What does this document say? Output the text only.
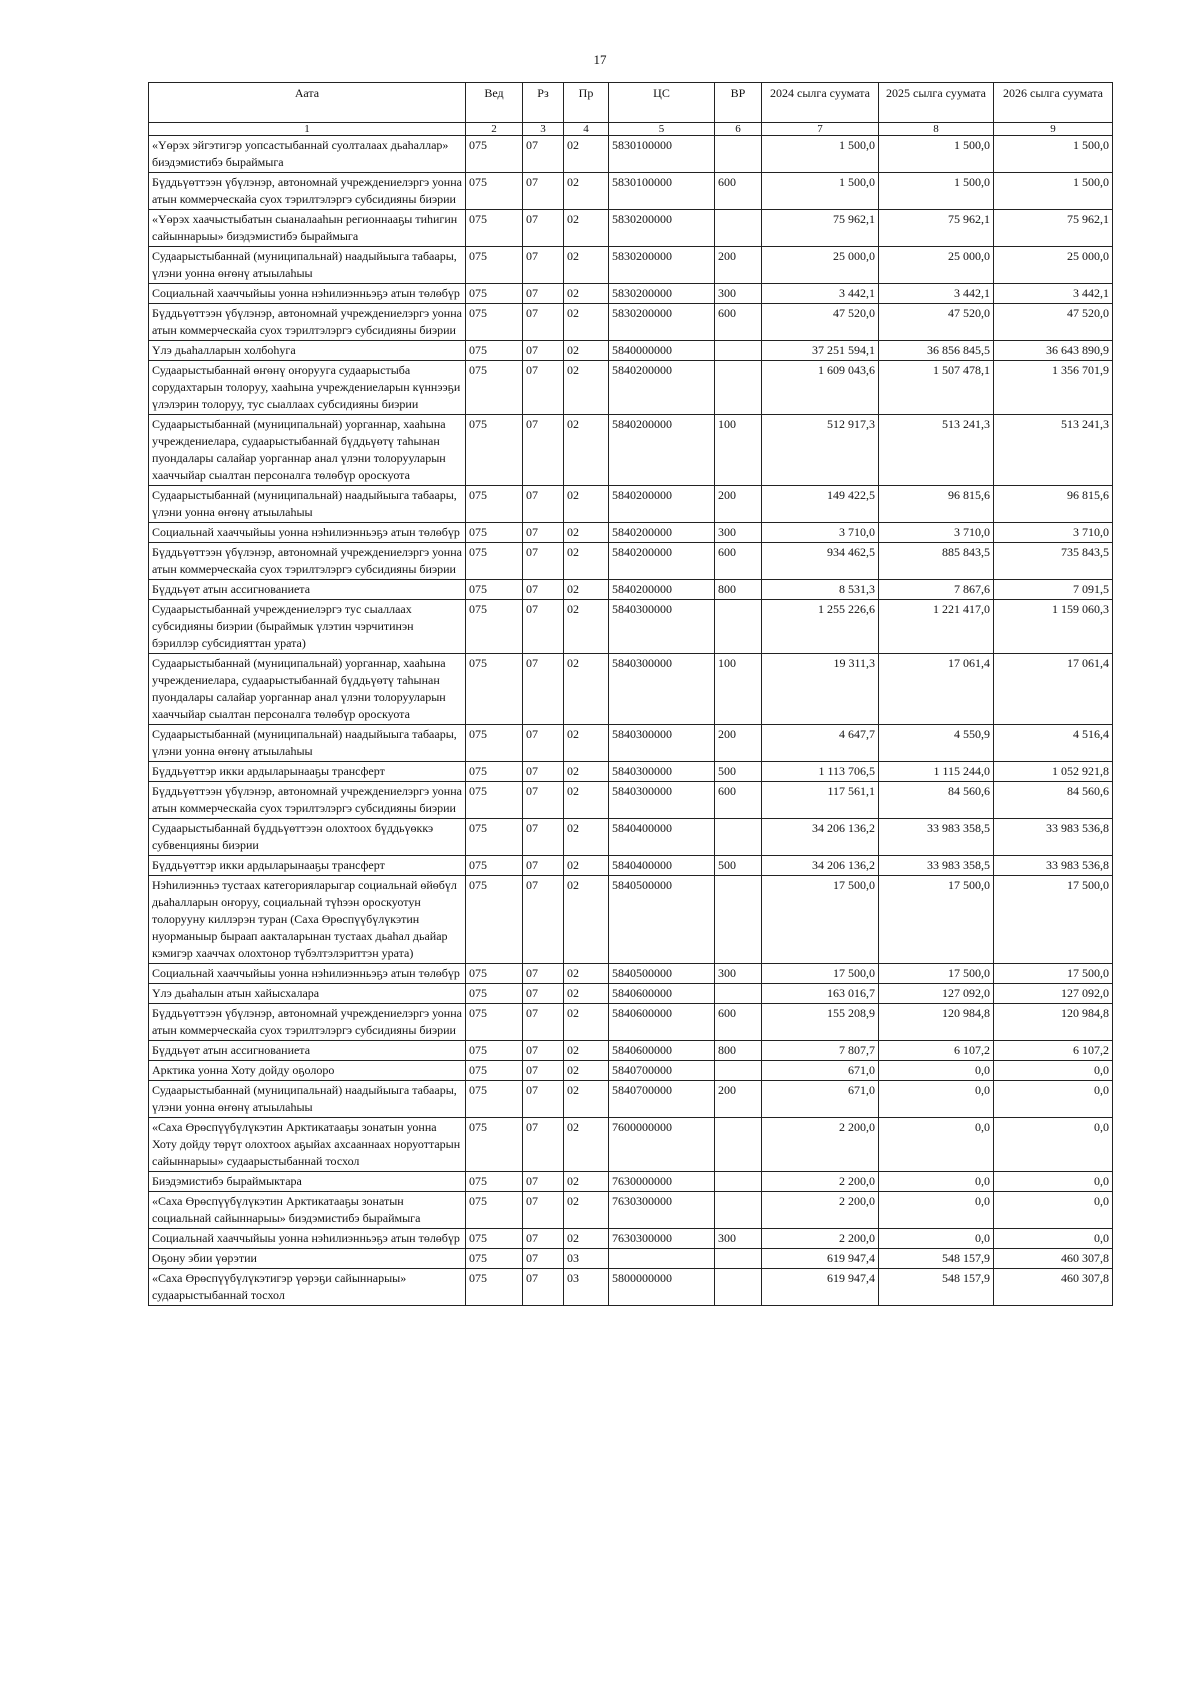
17
Аата	Вед	Рз	Пр	ЦС	ВР	2024 сылга суумата	2025 сылга суумата	2026 сылга суумата
1	2	3	4	5	6	7	8	9
«Үөрэх эйгэтигэр уопсастыбаннай суолталаах дьаһаллар» биэдэмистибэ быраймыга	075	07	02	5830100000		1 500,0	1 500,0	1 500,0
Бүддьүөттээн үбүлэнэр, автономнай учреждениелэргэ уонна атын коммерческайа суох тэрилтэлэргэ субсидияны биэрии	075	07	02	5830100000	600	1 500,0	1 500,0	1 500,0
«Үөрэх хаачыстыбатын сыаналааһын регионнааҕы тиһигин сайыннарыы» биэдэмистибэ быраймыга	075	07	02	5830200000		75 962,1	75 962,1	75 962,1
Судаарыстыбаннай (муниципальнай) наадыйыыга табаары, үлэни уонна өҥөнү атыылаһыы	075	07	02	5830200000	200	25 000,0	25 000,0	25 000,0
Социальнай хааччыйыы уонна нэһилиэнньэҕэ атын төлөбүр	075	07	02	5830200000	300	3 442,1	3 442,1	3 442,1
Бүддьүөттээн үбүлэнэр, автономнай учреждениелэргэ уонна атын коммерческайа суох тэрилтэлэргэ субсидияны биэрии	075	07	02	5830200000	600	47 520,0	47 520,0	47 520,0
Үлэ дьаһалларын холбоһуга	075	07	02	5840000000		37 251 594,1	36 856 845,5	36 643 890,9
Судаарыстыбаннай өҥөнү оҥорууга судаарыстыба сорудахтарын толоруу, хааһына учреждениеларын күннээҕи үлэлэрин толоруу, тус сыаллаах субсидияны биэрии	075	07	02	5840200000		1 609 043,6	1 507 478,1	1 356 701,9
Судаарыстыбаннай (муниципальнай) уорганнар, хааһына учреждениелара, судаарыстыбаннай бүддьүөтү таһынан пуондалары салайар уорганнар анал үлэни толорууларын хааччыйар сыалтан персоналга төлөбүр ороскуота	075	07	02	5840200000	100	512 917,3	513 241,3	513 241,3
Судаарыстыбаннай (муниципальнай) наадыйыыга табаары, үлэни уонна өҥөнү атыылаһыы	075	07	02	5840200000	200	149 422,5	96 815,6	96 815,6
Социальнай хааччыйыы уонна нэһилиэнньэҕэ атын төлөбүр	075	07	02	5840200000	300	3 710,0	3 710,0	3 710,0
Бүддьүөттээн үбүлэнэр, автономнай учреждениелэргэ уонна атын коммерческайа суох тэрилтэлэргэ субсидияны биэрии	075	07	02	5840200000	600	934 462,5	885 843,5	735 843,5
Бүддьүөт атын ассигнованиета	075	07	02	5840200000	800	8 531,3	7 867,6	7 091,5
Судаарыстыбаннай учреждениелэргэ тус сыаллаах субсидияны биэрии (быраймык үлэтин чэрчитинэн бэриллэр субсидияттан урата)	075	07	02	5840300000		1 255 226,6	1 221 417,0	1 159 060,3
Судаарыстыбаннай (муниципальнай) уорганнар, хааһына учреждениелара, судаарыстыбаннай бүддьүөтү таһынан пуондалары салайар уорганнар анал үлэни толорууларын хааччыйар сыалтан персоналга төлөбүр ороскуота	075	07	02	5840300000	100	19 311,3	17 061,4	17 061,4
Судаарыстыбаннай (муниципальнай) наадыйыыга табаары, үлэни уонна өҥөнү атыылаһыы	075	07	02	5840300000	200	4 647,7	4 550,9	4 516,4
Бүддьүөттэр икки ардыларынааҕы трансферт	075	07	02	5840300000	500	1 113 706,5	1 115 244,0	1 052 921,8
Бүддьүөттээн үбүлэнэр, автономнай учреждениелэргэ уонна атын коммерческайа суох тэрилтэлэргэ субсидияны биэрии	075	07	02	5840300000	600	117 561,1	84 560,6	84 560,6
Судаарыстыбаннай бүддьүөттээн олохтоох бүддьүөккэ субвенцияны биэрии	075	07	02	5840400000		34 206 136,2	33 983 358,5	33 983 536,8
Бүддьүөттэр икки ардыларынааҕы трансферт	075	07	02	5840400000	500	34 206 136,2	33 983 358,5	33 983 536,8
Нэһилиэнньэ тустаах категорияларыгар социальнай өйөбүл дьаһалларын оҥоруу, социальнай түһээн ороскуотун толорууну киллэрэн туран (Саха Өрөспүүбүлүкэтин нуорманыыр быраап аакталарынан тустаах дьаһал дьайар кэмигэр хааччах олохтонор түбэлтэлэриттэн урата)	075	07	02	5840500000		17 500,0	17 500,0	17 500,0
Социальнай хааччыйыы уонна нэһилиэнньэҕэ атын төлөбүр	075	07	02	5840500000	300	17 500,0	17 500,0	17 500,0
Үлэ дьаһалын атын хайысхалара	075	07	02	5840600000		163 016,7	127 092,0	127 092,0
Бүддьүөттээн үбүлэнэр, автономнай учреждениелэргэ уонна атын коммерческайа суох тэрилтэлэргэ субсидияны биэрии	075	07	02	5840600000	600	155 208,9	120 984,8	120 984,8
Бүддьүөт атын ассигнованиета	075	07	02	5840600000	800	7 807,7	6 107,2	6 107,2
Арктика уонна Хоту дойду оҕолоро	075	07	02	5840700000		671,0	0,0	0,0
Судаарыстыбаннай (муниципальнай) наадыйыыга табаары, үлэни уонна өҥөнү атыылаһыы	075	07	02	5840700000	200	671,0	0,0	0,0
«Саха Өрөспүүбүлүкэтин Арктикатааҕы зонатын уонна Хоту дойду төрүт олохтоох аҕыйах ахсааннаах норуоттарын сайыннарыы» судаарыстыбаннай тосхол	075	07	02	7600000000		2 200,0	0,0	0,0
Биэдэмистибэ быраймыктара	075	07	02	7630000000		2 200,0	0,0	0,0
«Саха Өрөспүүбүлүкэтин Арктикатааҕы зонатын социальнай сайыннарыы» биэдэмистибэ быраймыга	075	07	02	7630300000		2 200,0	0,0	0,0
Социальнай хааччыйыы уонна нэһилиэнньэҕэ атын төлөбүр	075	07	02	7630300000	300	2 200,0	0,0	0,0
Оҕону эбии үөрэтии	075	07	03			619 947,4	548 157,9	460 307,8
«Саха Өрөспүүбүлүкэтигэр үөрэҕи сайыннарыы» судаарыстыбаннай тосхол	075	07	03	5800000000		619 947,4	548 157,9	460 307,8
